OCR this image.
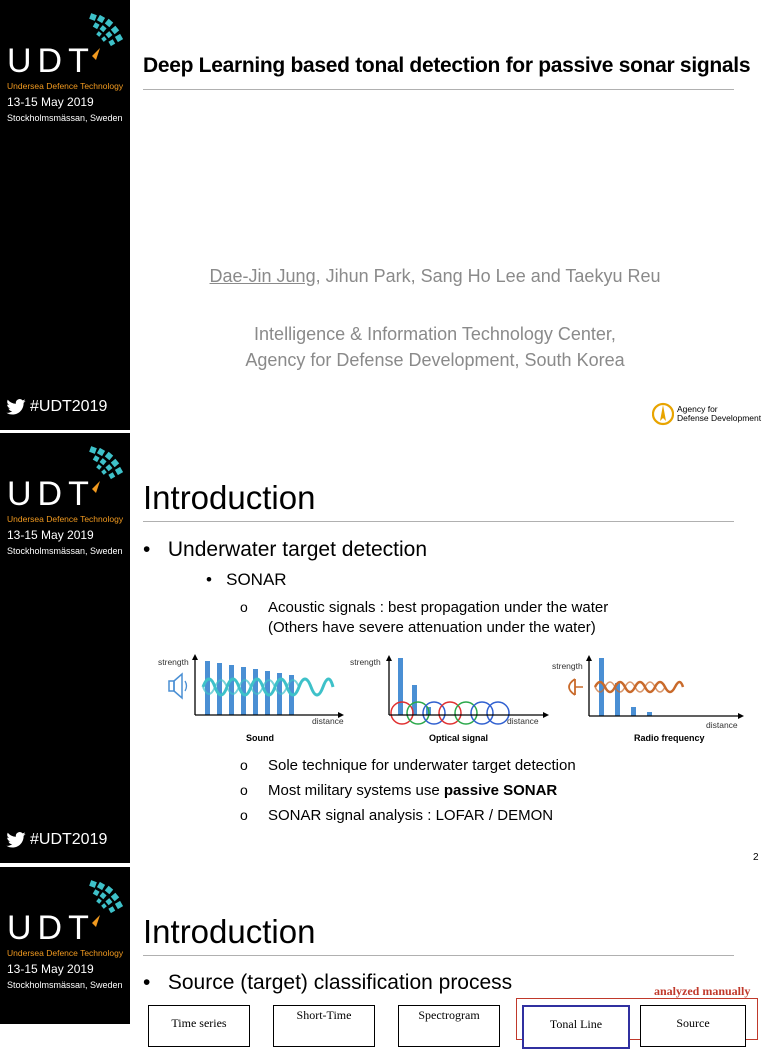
UDT
Undersea Defence Technology
13-15 May 2019
Stockholmsmässan, Sweden
#UDT2019
Deep Learning based tonal detection for passive sonar signals
Dae-Jin Jung, Jihun Park, Sang Ho Lee and Taekyu Reu
Intelligence & Information Technology Center,
Agency for Defense Development, South Korea
Agency for
Defense Development
UDT
Undersea Defence Technology
13-15 May 2019
Stockholmsmässan, Sweden
#UDT2019
Introduction
•   Underwater target detection
•   SONAR
o Acoustic signals : best propagation under the water
(Others have severe attenuation under the water)
strength
distance
Sound
strength
distance
Optical signal
strength
distance
Radio frequency
o Sole technique for underwater target detection
o Most military systems use passive SONAR
o SONAR signal analysis : LOFAR / DEMON
2
UDT
Undersea Defence Technology
13-15 May 2019
Stockholmsmässan, Sweden
Introduction
•   Source (target) classification process	analyzed manually
Time series
Short-Time	Spectrogram
Tonal Line	Source
